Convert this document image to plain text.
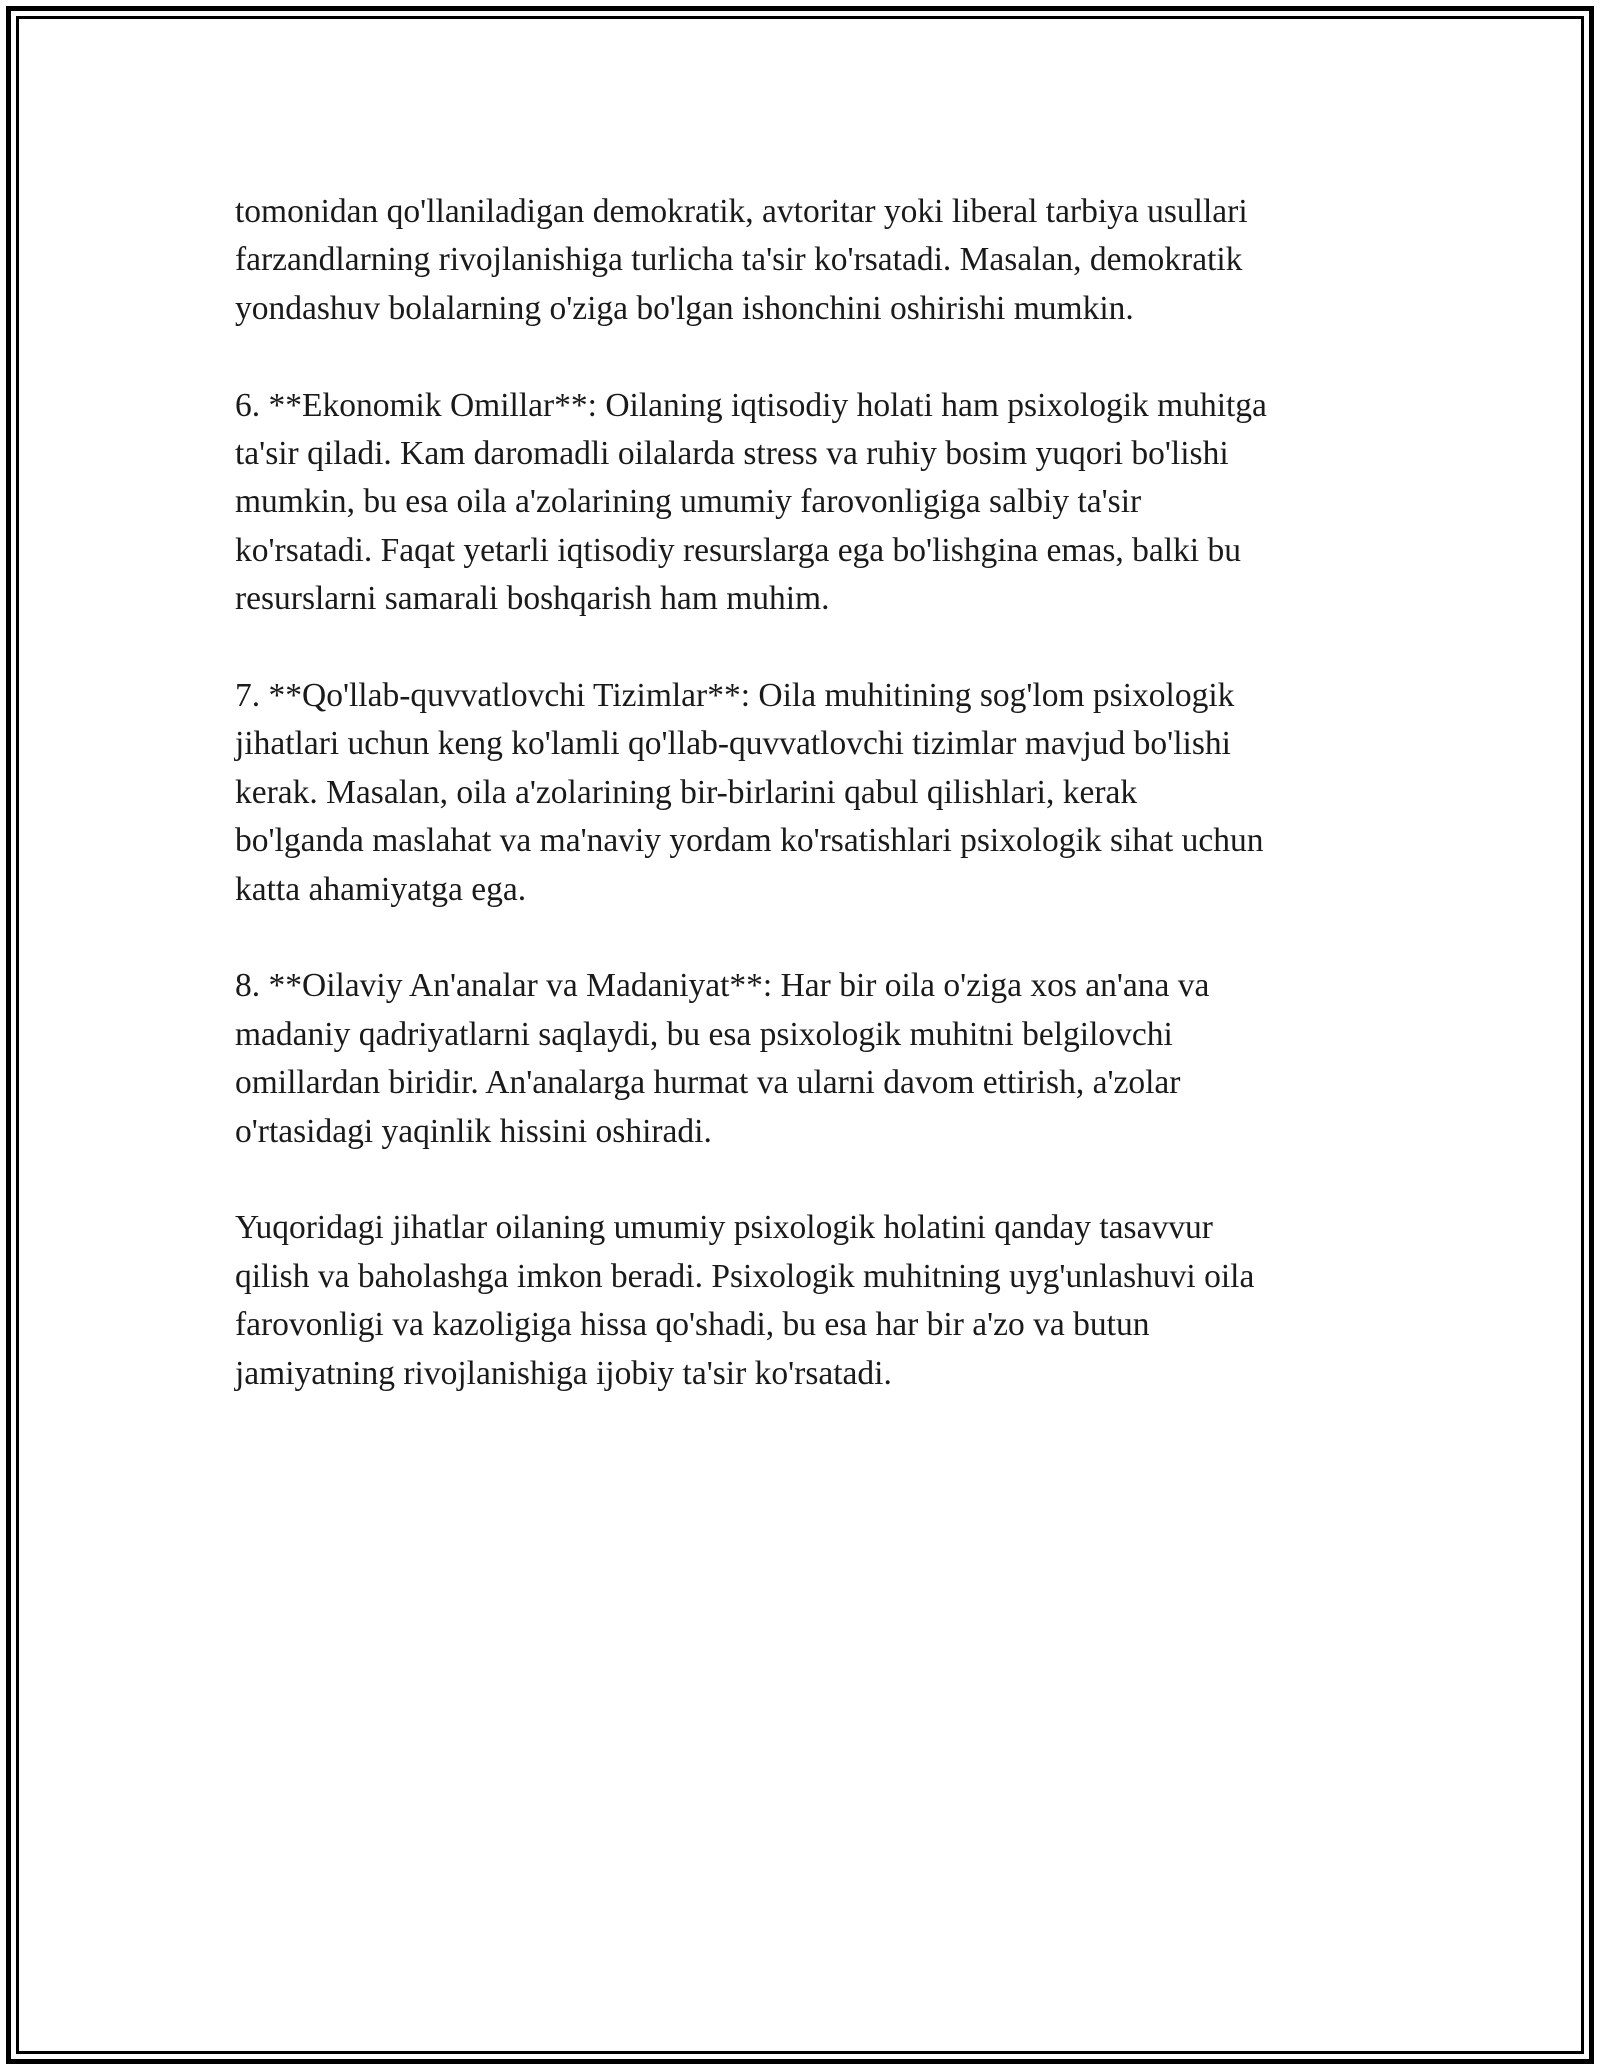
tomonidan qo'llaniladigan demokratik, avtoritar yoki liberal tarbiya usullari
farzandlarning rivojlanishiga turlicha ta'sir ko'rsatadi. Masalan, demokratik
yondashuv bolalarning o'ziga bo'lgan ishonchini oshirishi mumkin.

6. **Ekonomik Omillar**: Oilaning iqtisodiy holati ham psixologik muhitga
ta'sir qiladi. Kam daromadli oilalarda stress va ruhiy bosim yuqori bo'lishi
mumkin, bu esa oila a'zolarining umumiy farovonligiga salbiy ta'sir
ko'rsatadi. Faqat yetarli iqtisodiy resurslarga ega bo'lishgina emas, balki bu
resurslarni samarali boshqarish ham muhim.

7. **Qo'llab-quvvatlovchi Tizimlar**: Oila muhitining sog'lom psixologik
jihatlari uchun keng ko'lamli qo'llab-quvvatlovchi tizimlar mavjud bo'lishi
kerak. Masalan, oila a'zolarining bir-birlarini qabul qilishlari, kerak
bo'lganda maslahat va ma'naviy yordam ko'rsatishlari psixologik sihat uchun
katta ahamiyatga ega.

8. **Oilaviy An'analar va Madaniyat**: Har bir oila o'ziga xos an'ana va
madaniy qadriyatlarni saqlaydi, bu esa psixologik muhitni belgilovchi
omillardan biridir. An'analarga hurmat va ularni davom ettirish, a'zolar
o'rtasidagi yaqinlik hissini oshiradi.

Yuqoridagi jihatlar oilaning umumiy psixologik holatini qanday tasavvur
qilish va baholashga imkon beradi. Psixologik muhitning uyg'unlashuvi oila
farovonligi va kazoligiga hissa qo'shadi, bu esa har bir a'zo va butun
jamiyatning rivojlanishiga ijobiy ta'sir ko'rsatadi.
